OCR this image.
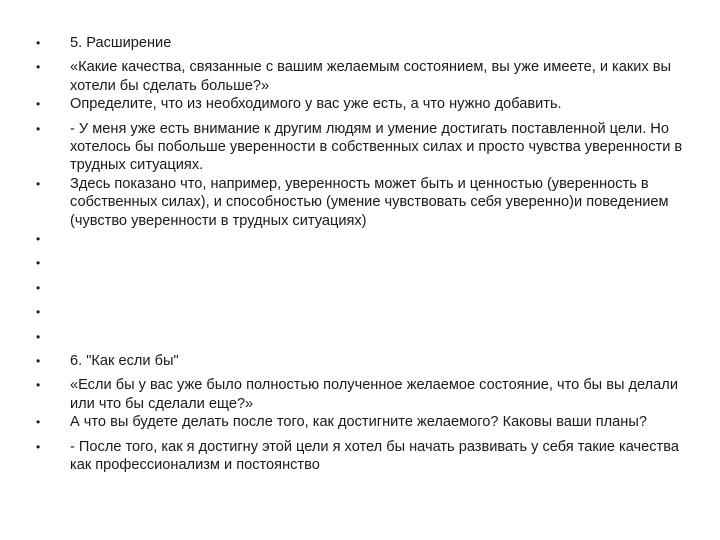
• 5. Расширение
• «Какие качества, связанные с вашим желаемым состоянием, вы уже имеете, и каких вы хотели бы сделать больше?»
• Определите, что из необходимого у вас уже есть, а что нужно добавить.
• - У меня уже есть внимание к другим людям и умение достигать поставленной цели. Но хотелось бы побольше уверенности в собственных силах и просто чувства уверенности в трудных ситуациях.
• Здесь показано что, например, уверенность может быть и ценностью (уверенность в собственных силах), и способностью (умение чувствовать себя уверенно)и поведением (чувство уверенности в трудных ситуациях)
•
•
•
•
•
• 6. "Как если бы"
• «Если бы у вас уже было полностью полученное желаемое состояние, что бы вы делали или что бы сделали еще?»
• А что вы будете делать после того, как достигните желаемого? Каковы ваши планы?
• - После того, как я достигну этой цели я хотел бы начать развивать у себя такие качества как профессионализм и постоянство
